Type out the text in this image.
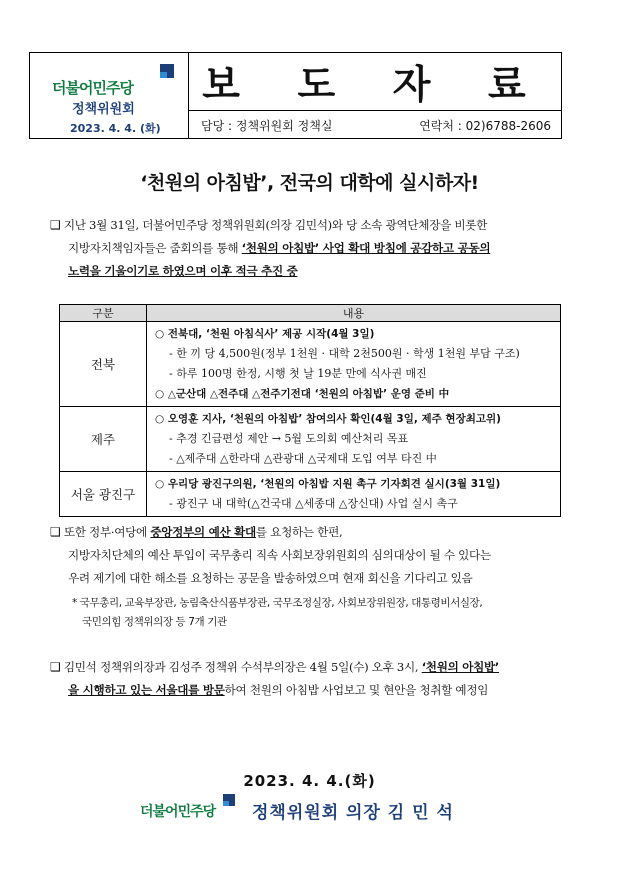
더불어민주당
정책위원회
2023. 4. 4. (화)
보 도 자 료
담당 : 정책위원회 정책실	연락처 : 02)6788-2606
‘천원의 아침밥’, 전국의 대학에 실시하자!
❑ 지난 3월 31일, 더불어민주당 정책위원회(의장 김민석)와 당 소속 광역단체장을 비롯한
지방자치책임자들은 줌회의를 통해 ‘천원의 아침밥’ 사업 확대 방침에 공감하고 공동의
노력을 기울이기로 하였으며 이후 적극 추진 중
구분	내용
전북	○ 전북대, ‘천원 아침식사’ 제공 시작(4월 3일)
- 한 끼 당 4,500원(정부 1천원 · 대학 2천500원 · 학생 1천원 부담 구조)
- 하루 100명 한정, 시행 첫 날 19분 만에 식사권 매진
○ △군산대 △전주대 △전주기전대 ‘천원의 아침밥’ 운영 준비 中

제주	○ 오영훈 지사, ‘천원의 아침밥’ 참여의사 확인(4월 3일, 제주 현장최고위)
- 추경 긴급편성 제안 → 5월 도의회 예산처리 목표
- △제주대 △한라대 △관광대 △국제대 도입 여부 타진 中

서울 광진구	○ 우리당 광진구의원, ‘천원의 아침밥 지원 촉구 기자회견 실시(3월 31일)
- 광진구 내 대학(△건국대 △세종대 △장신대) 사업 실시 촉구
❑ 또한 정부·여당에 중앙정부의 예산 확대를 요청하는 한편,
지방자치단체의 예산 투입이 국무총리 직속 사회보장위원회의 심의대상이 될 수 있다는
우려 제기에 대한 해소를 요청하는 공문을 발송하였으며 현재 회신을 기다리고 있음
* 국무총리, 교육부장관, 농림축산식품부장관, 국무조정실장, 사회보장위원장, 대통령비서실장,
국민의힘 정책위의장 등 7개 기관
❑ 김민석 정책위의장과 김성주 정책위 수석부의장은 4월 5일(수) 오후 3시, ‘천원의 아침밥’
을 시행하고 있는 서울대를 방문하여 천원의 아침밥 사업보고 및 현안을 청취할 예정임
2023. 4. 4.(화)
더불어민주당 정책위원회 의장 김 민 석
